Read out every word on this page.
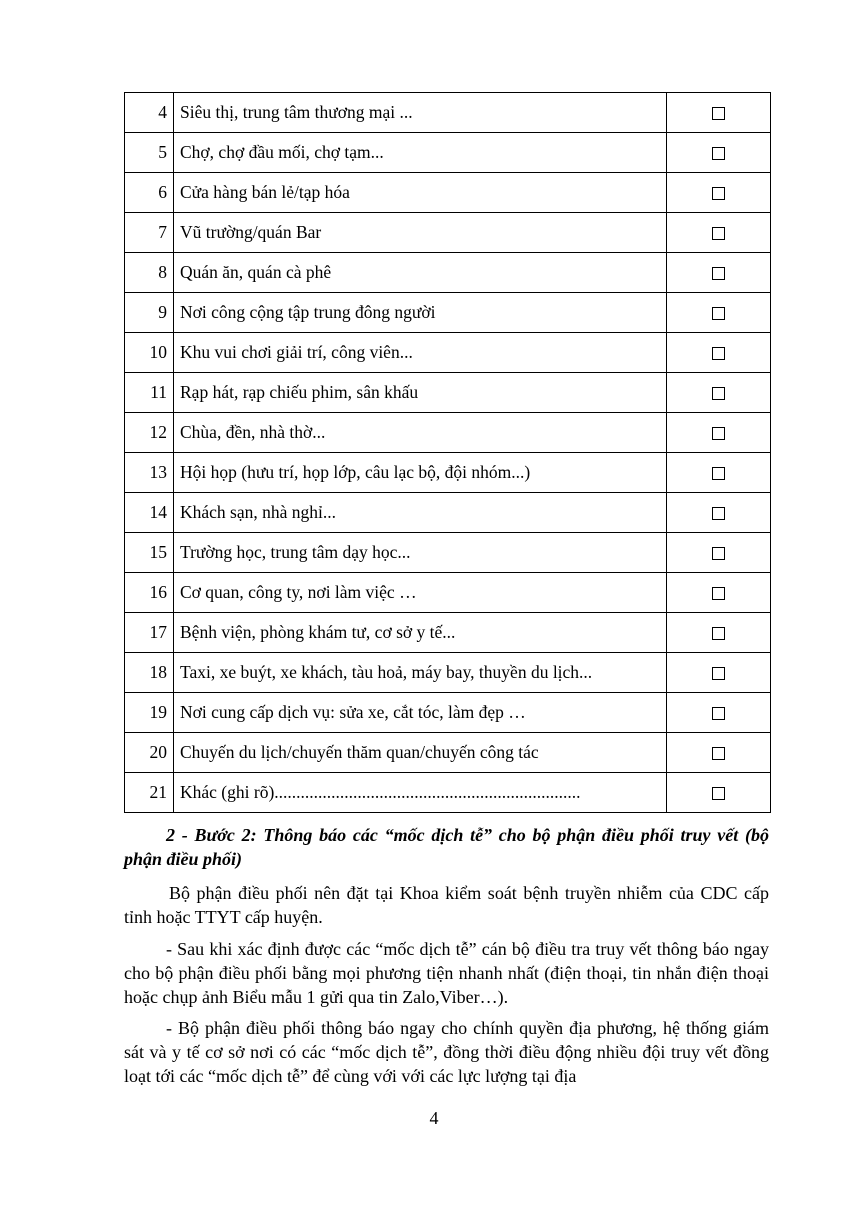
4	Siêu thị, trung tâm thương mại ...	
5	Chợ, chợ đầu mối, chợ tạm...	
6	Cửa hàng bán lẻ/tạp hóa	
7	Vũ trường/quán Bar	
8	Quán ăn, quán cà phê	
9	Nơi công cộng tập trung đông người	
10	Khu vui chơi giải trí, công viên...	
11	Rạp hát, rạp chiếu phim, sân khấu	
12	Chùa, đền, nhà thờ...	
13	Hội họp (hưu trí, họp lớp, câu lạc bộ, đội nhóm...)	
14	Khách sạn, nhà nghỉ...	
15	Trường học, trung tâm dạy học...	
16	Cơ quan, công ty, nơi làm việc …	
17	Bệnh viện, phòng khám tư, cơ sở y tế...	
18	Taxi, xe buýt, xe khách, tàu hoả, máy bay, thuyền du lịch...	
19	Nơi cung cấp dịch vụ: sửa xe, cắt tóc, làm đẹp …	
20	Chuyến du lịch/chuyến thăm quan/chuyến công tác	
21	Khác (ghi rõ)......................................................................	
2 - Bước 2: Thông báo các “mốc dịch tễ” cho bộ phận điều phối truy vết (bộ phận điều phối)
Bộ phận điều phối nên đặt tại Khoa kiểm soát bệnh truyền nhiễm của CDC cấp tỉnh hoặc TTYT cấp huyện.
- Sau khi xác định được các “mốc dịch tễ” cán bộ điều tra truy vết thông báo ngay cho bộ phận điều phối bằng mọi phương tiện nhanh nhất (điện thoại, tin nhắn điện thoại hoặc chụp ảnh Biểu mẫu 1 gửi qua tin Zalo,Viber…).
- Bộ phận điều phối thông báo ngay cho chính quyền địa phương, hệ thống giám sát và y tế cơ sở nơi có các “mốc dịch tễ”, đồng thời điều động nhiều đội truy vết đồng loạt tới các “mốc dịch tễ” để cùng với với các lực lượng tại địa
4
